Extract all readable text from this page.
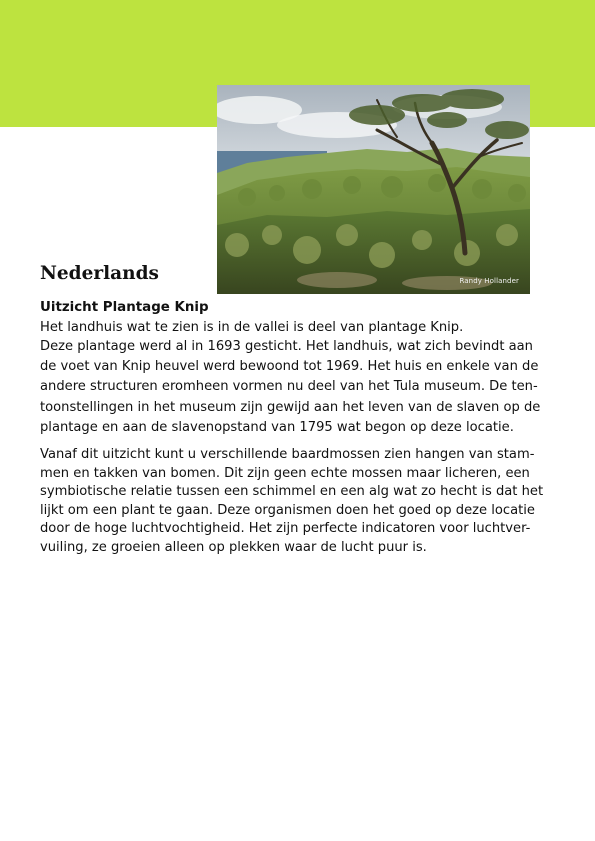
Randy Hollander
Nederlands
Uitzicht Plantage Knip

Het landhuis wat te zien is in de vallei is deel van plantage Knip.
Deze plantage werd al in 1693 gesticht. Het landhuis, wat zich bevindt aan
de voet van Knip heuvel werd bewoond tot 1969. Het huis en enkele van de
andere structuren eromheen vormen nu deel van het Tula museum. De ten-
toonstellingen in het museum zijn gewijd aan het leven van de slaven op de
plantage en aan de slavenopstand van 1795 wat begon op deze locatie.

Vanaf dit uitzicht kunt u verschillende baardmossen zien hangen van stam-
men en takken van bomen. Dit zijn geen echte mossen maar licheren, een
symbiotische relatie tussen een schimmel en een alg wat zo hecht is dat het
lijkt om een plant te gaan. Deze organismen doen het goed op deze locatie
door de hoge luchtvochtigheid. Het zijn perfecte indicatoren voor luchtver-
vuiling, ze groeien alleen op plekken waar de lucht puur is.
